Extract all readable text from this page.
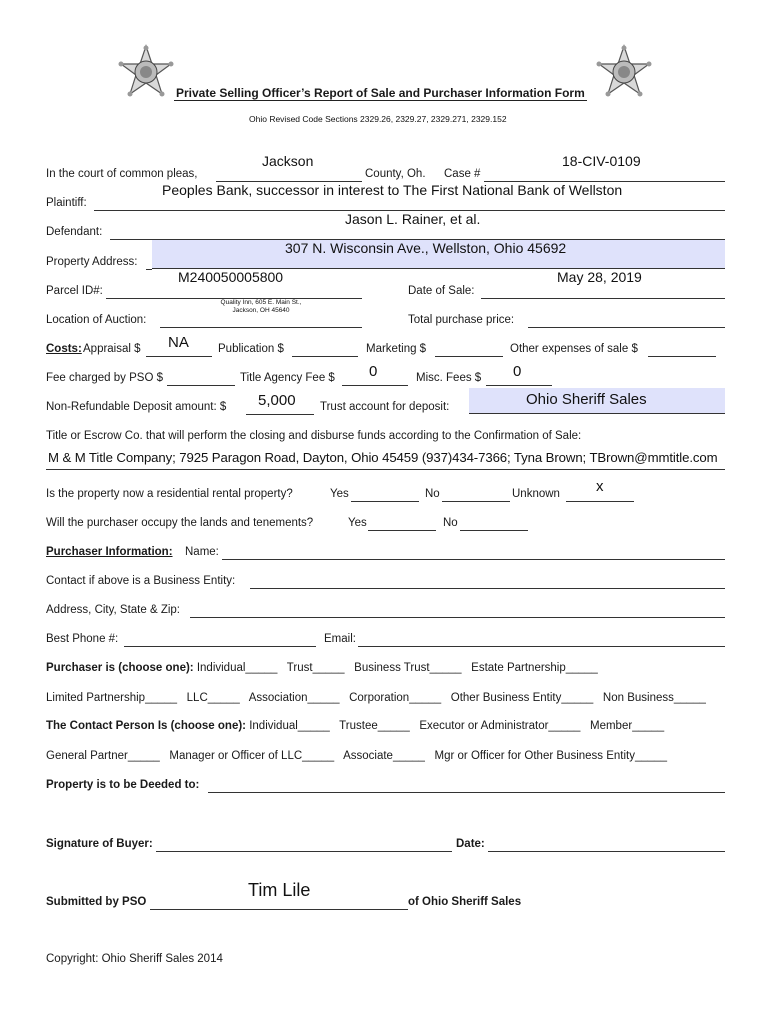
Private Selling Officer’s Report of Sale and Purchaser Information Form
Ohio Revised Code Sections 2329.26, 2329.27, 2329.271, 2329.152
In the court of common pleas,
Jackson
County, Oh. Case #
18-CIV-0109
Plaintiff:
Peoples Bank, successor in interest to The First National Bank of Wellston
Defendant:
Jason L. Rainer, et al.
Property Address:
307 N. Wisconsin Ave., Wellston, Ohio 45692
Parcel ID#:
M240050005800
Date of Sale:
May 28, 2019
Location of Auction:
Quality Inn, 605 E. Main St.,
Jackson, OH 45640
Total purchase price:
Costs: Appraisal $ NA	Publication $	Marketing $	Other expenses of sale $
Fee charged by PSO $	Title Agency Fee $ 0	Misc. Fees $ 0
Non-Refundable Deposit amount: $ 5,000 Trust account for deposit:	Ohio Sheriff Sales
Title or Escrow Co. that will perform the closing and disburse funds according to the Confirmation of Sale:
M & M Title Company; 7925 Paragon Road, Dayton, Ohio 45459 (937)434-7366; Tyna Brown; TBrown@mmtitle.com
Is the property now a residential rental property?	Yes	No	Unknown x
Will the purchaser occupy the lands and tenements?	Yes	No
Purchaser Information: Name:
Contact if above is a Business Entity:
Address, City, State & Zip:
Best Phone #:	Email:
Purchaser is (choose one): Individual_____   Trust_____   Business Trust_____   Estate Partnership_____
Limited Partnership_____   LLC_____   Association_____   Corporation_____   Other Business Entity_____   Non Business_____
The Contact Person Is (choose one): Individual_____   Trustee_____   Executor or Administrator_____   Member_____
General Partner_____   Manager or Officer of LLC_____   Associate_____   Mgr or Officer for Other Business Entity_____
Property is to be Deeded to:
Signature of Buyer:	Date:
Submitted by PSO
Tim Lile
of Ohio Sheriff Sales
Copyright: Ohio Sheriff Sales 2014
